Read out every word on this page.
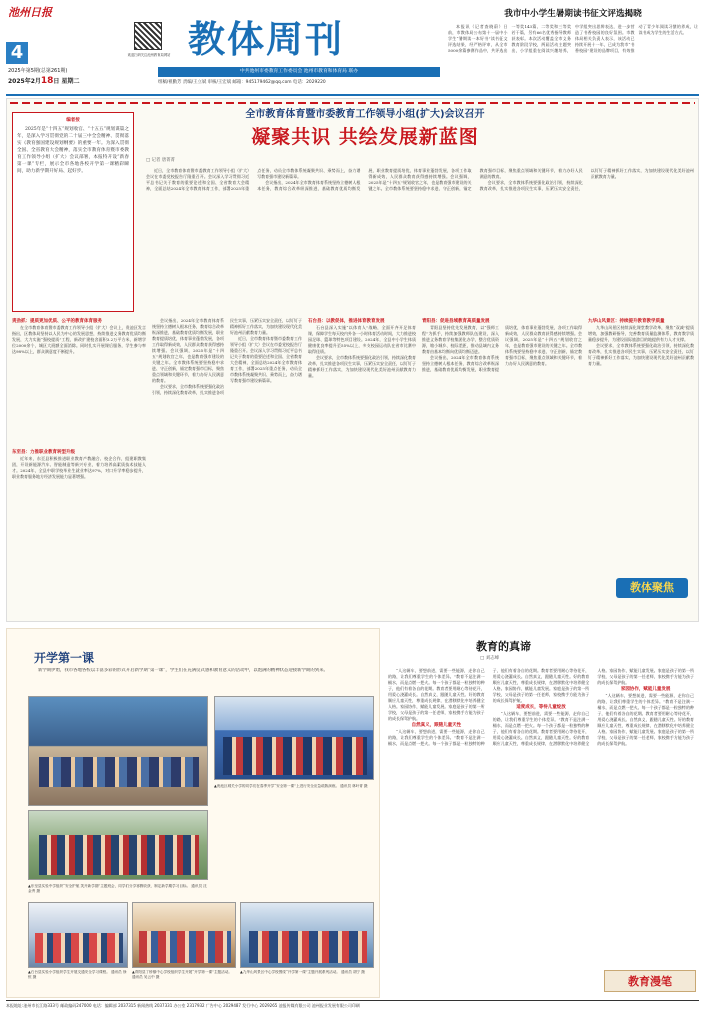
池州日报
4	欢迎扫码关注池州教育局网站 教体周刊
2025年第5期(总第261期)
2025年2月18日 星期二
中共池州市委教育工作委员会 池州市教育和体育局 联办
组稿/祖勤芳 责编/王立斌 审核/王宏斌 邮箱：945179462@qq.com 电话：2029220
我市中小学生暑期读书征文评选揭晓

本报讯（记者查晓蔚）日前，市教体局公布第十一届中小学生“暑期读一本好书”读书征文评选结果，经严格评审，从全市5000余篇参赛作品中，共评选出一等奖143篇、二等奖和三等奖若干篇，另有66名优秀指导教师获表彰。本次活动覆盖全市义务教育阶段学校，两届活动主题突出，小学组重在阅读兴趣培养，中学组突出思辨表达，进一步营造了书香校园的良好氛围。市教体局相关负责人表示，该活动已持续开展十一年，已成为我市“书香校园”建设的品牌项目，有效推动了青少年阅读习惯的养成，让读书成为学生的生活方式。

全市教育体育暨市委教育工作领导小组(扩大)会议召开
凝聚共识 共绘发展新蓝图
编者按

2025年是“十四五”规划收官、“十五五”规划谋篇之年，是深入学习贯彻党的二十届三中全会精神、贯彻落实《教育强国建设规划纲要》的重要一年。为深入贯彻全国、全省教育大会精神，落实全市教育体育暨市委教育工作领导小组（扩大）会议部署，本报特开设“新春第一课”专栏，展示全市各地各校开学第一课精彩瞬间，助力新学期开好局、起好步。

□ 记者 唐菁菁

近日，全市教育体育暨市委教育工作领导小组（扩大）会议在市委党校报告厅隆重召开。会议深入学习贯彻习近平总书记关于教育的重要论述和全国、全省教育大会精神，全面总结2024年全市教育体育工作，部署2025年重点任务，动员全市教体系统凝聚共识、乘势而上，奋力谱写教育强市建设新篇章。

会议指出，2024年全市教育体育系统坚持立德树人根本任务，教育综合改革纵深推进，基础教育优质均衡发展，职业教育提质培优，体育事业蓬勃发展，各项工作取得新成效，人民群众教育获得感持续增强。会议强调，2025年是“十四五”规划收官之年，也是教育强市建设的关键之年。全市教体系统要坚持稳中求进、守正创新，锚定教育强市目标，聚焦重点领域和关键环节，着力办好人民满意的教育。

会议要求，全市教体系统要强化政治引领，持续深化教育改革，扎实推进各项民生实事，压紧压实安全责任，以钉钉子精神抓好工作落实，为加快建设现代化美好池州贡献教育力量。

责劲抓：提质更加优质、公平的教育体育服务

在全市教育体育暨市委教育工作领导小组（扩大）会议上，贵池区发言指出，区教体局坚持以人民为中心的发展思想，持续推进义务教育优质均衡发展，大力实施“强校提质”工程，新改扩建校舍面积3.2万平方米，新增学位2000余个，城区大班额全面消除。同时扎实开展课后服务，学生参与率达98%以上，群众满意度不断提升。

东至县：力推职业教育转型升级

近年来，东至县积极推进职业教育产教融合、校企合作，组建职教集团，开设新能源汽车、智能制造等新兴专业，着力培养高素质技术技能人才。2024年，全县中职学校毕业生就业率达97%，对口升学率稳步提升，职业教育服务地方经济发展能力显著增强。

会议指出，2024年全市教育体育系统坚持立德树人根本任务，教育综合改革纵深推进，基础教育优质均衡发展，职业教育提质培优，体育事业蓬勃发展，各项工作取得新成效，人民群众教育获得感持续增强。会议强调，2025年是“十四五”规划收官之年，也是教育强市建设的关键之年。全市教体系统要坚持稳中求进、守正创新，锚定教育强市目标，聚焦重点领域和关键环节，着力办好人民满意的教育。

会议要求，全市教体系统要强化政治引领，持续深化教育改革，扎实推进各项民生实事，压紧压实安全责任，以钉钉子精神抓好工作落实，为加快建设现代化美好池州贡献教育力量。

近日，全市教育体育暨市委教育工作领导小组（扩大）会议在市委党校报告厅隆重召开。会议深入学习贯彻习近平总书记关于教育的重要论述和全国、全省教育大会精神，全面总结2024年全市教育体育工作，部署2025年重点任务，动员全市教体系统凝聚共识、乘势而上，奋力谱写教育强市建设新篇章。

石台县：以教促体，推进体育教育发展

石台县深入实施“以体育人”战略，全面开齐开足体育课，保障学生每天校内外各一小时体育活动时间，大力推进校园足球、篮球等特色项目建设。2024年，全县中小学生体质健康优良率提升至55%以上，多支校园运动队在省市比赛中取得佳绩。

会议要求，全市教体系统要强化政治引领，持续深化教育改革，扎实推进各项民生实事，压紧压实安全责任，以钉钉子精神抓好工作落实，为加快建设现代化美好池州贡献教育力量。

青阳县：促进县域教育高质量发展

青阳县坚持优先发展教育，以“强师工程”为抓手，持续加强教师队伍建设，深入推进义务教育学校集团化办学，整合优质资源，缩小城乡、校际差距，推动县域内义务教育由基本均衡向优质均衡迈进。

会议指出，2024年全市教育体育系统坚持立德树人根本任务，教育综合改革纵深推进，基础教育优质均衡发展，职业教育提质培优，体育事业蓬勃发展，各项工作取得新成效，人民群众教育获得感持续增强。会议强调，2025年是“十四五”规划收官之年，也是教育强市建设的关键之年。全市教体系统要坚持稳中求进、守正创新，锚定教育强市目标，聚焦重点领域和关键环节，着力办好人民满意的教育。

九华山风景区：持续提升教育教学质量

九华山风景区持续深化课堂教学改革，聚焦“双减”提质增效，加强教研指导，完善教育质量监测体系，教育教学质量稳步提升，为建设国际旅游目的地提供有力人才支撑。

会议要求，全市教体系统要强化政治引领，持续深化教育改革，扎实推进各项民生实事，压紧压实安全责任，以钉钉子精神抓好工作落实，为加快建设现代化美好池州贡献教育力量。

教体聚焦
开学第一课

新学期伊始，我市各地各校以丰富多彩的形式开启新学期“第一课”，学生们在充满仪式感和教育意义的活动中，以饱满的精神状态迎接新学期的到来。

▲贵池区城关小学的同学们在春季开学“安全第一课”上进行安全应急疏散演练。 通讯员 林叶青 摄
▲东至县实验中学组织“安全护航 笑开新学期”主题班会，同学们分享寒假收获、制定新学期学习目标。 通讯员 沈金秀 摄
▲石台县实验小学组织学生开展交通安全学习课程。 通讯员 徐恒 摄
▲青阳县丁桥镇中心学校组织学生开展“开学第一课”主题活动。 通讯员 吴云中 摄
▲九华山风景区中心学校围绕“开学第一课”主题开展系列活动。 通讯员 胡宁 摄
教育的真谛
□ 刘志峰

“人这辆车，要想前进，需要一些能源，走你自己的路，让我们尊重学生的个体差异。”教育不是注满一桶水，而是点燃一把火。每一个孩子都是一粒独特的种子，他们有着各自的花期。教育者要用耐心等待花开，用爱心浇灌成长。自然真义，跟随儿童天性。好的教育顺应儿童天性，尊重成长规律，在潜移默化中培养健全人格。家园协作，赋能儿童发展。家庭是孩子的第一所学校，父母是孩子的第一任老师，家校携手方能为孩子的成长保驾护航。

自然真义，跟随儿童天性

“人这辆车，要想前进，需要一些能源，走你自己的路，让我们尊重学生的个体差异。”教育不是注满一桶水，而是点燃一把火。每一个孩子都是一粒独特的种子，他们有着各自的花期。教育者要用耐心等待花开，用爱心浇灌成长。自然真义，跟随儿童天性。好的教育顺应儿童天性，尊重成长规律，在潜移默化中培养健全人格。家园协作，赋能儿童发展。家庭是孩子的第一所学校，父母是孩子的第一任老师，家校携手方能为孩子的成长保驾护航。

适度成长，等待儿童绽放

“人这辆车，要想前进，需要一些能源，走你自己的路，让我们尊重学生的个体差异。”教育不是注满一桶水，而是点燃一把火。每一个孩子都是一粒独特的种子，他们有着各自的花期。教育者要用耐心等待花开，用爱心浇灌成长。自然真义，跟随儿童天性。好的教育顺应儿童天性，尊重成长规律，在潜移默化中培养健全人格。家园协作，赋能儿童发展。家庭是孩子的第一所学校，父母是孩子的第一任老师，家校携手方能为孩子的成长保驾护航。

家园协作，赋能儿童发展

“人这辆车，要想前进，需要一些能源，走你自己的路，让我们尊重学生的个体差异。”教育不是注满一桶水，而是点燃一把火。每一个孩子都是一粒独特的种子，他们有着各自的花期。教育者要用耐心等待花开，用爱心浇灌成长。自然真义，跟随儿童天性。好的教育顺应儿童天性，尊重成长规律，在潜移默化中培养健全人格。家园协作，赋能儿童发展。家庭是孩子的第一所学校，父母是孩子的第一任老师，家校携手方能为孩子的成长保驾护航。

教育漫笔
本报地址:池州市长江路333号 邮政编码247000 电话：编辑部 2037315 新闻热线 2037331 办公室 2317932 广告中心 2029487 发行中心 2029265 池报传媒有限公司 池州报业发展有限公司印刷
